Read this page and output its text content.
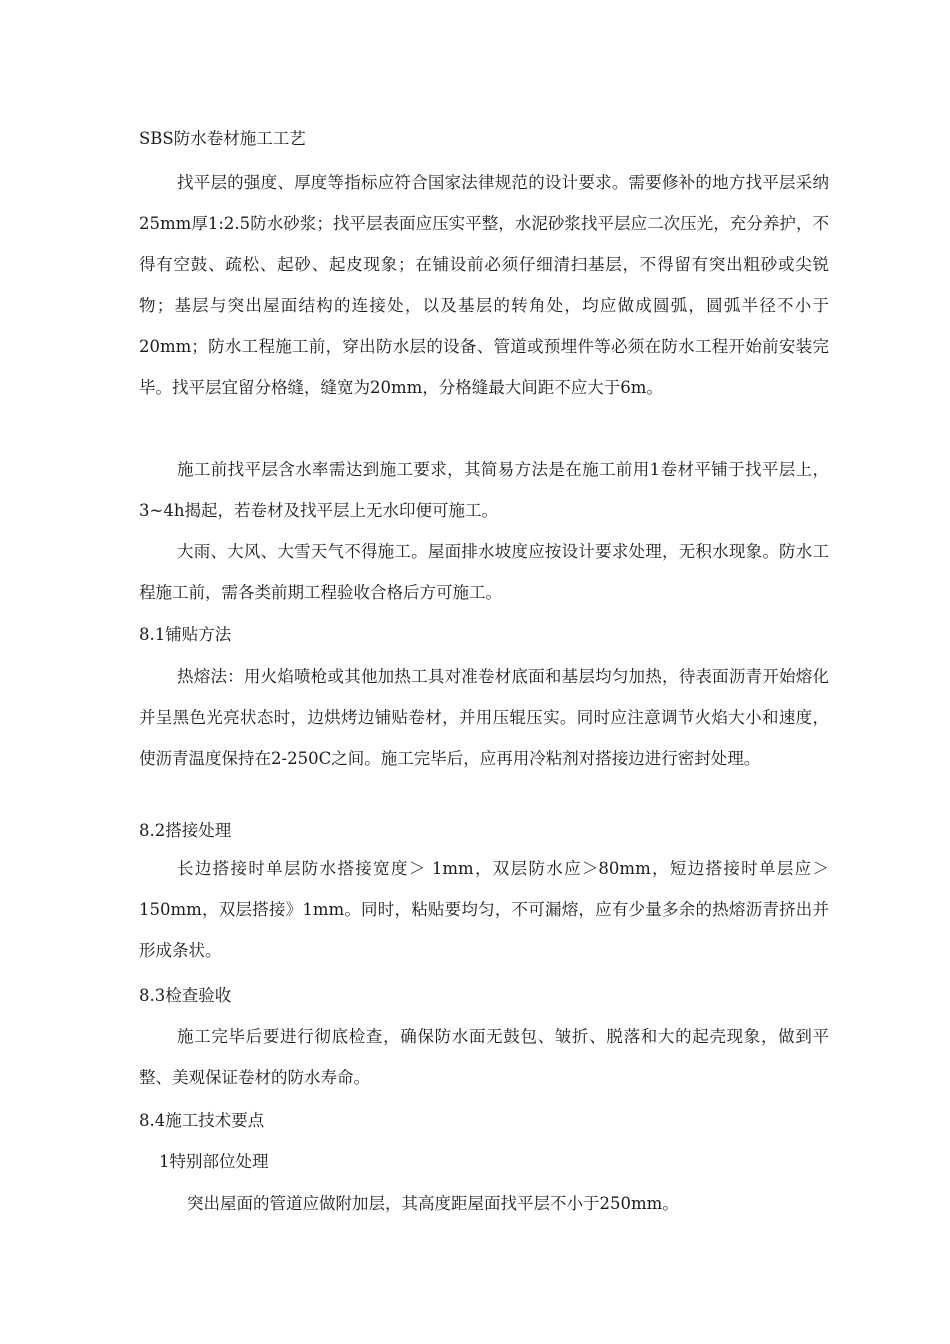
SBS防水卷材施工工艺
找平层的强度、厚度等指标应符合国家法律规范的设计要求。需要修补的地方找平层采纳25mm厚1:2.5防水砂浆；找平层表面应压实平整，水泥砂浆找平层应二次压光，充分养护，不得有空鼓、疏松、起砂、起皮现象；在铺设前必须仔细清扫基层，不得留有突出粗砂或尖锐物；基层与突出屋面结构的连接处，以及基层的转角处，均应做成圆弧，圆弧半径不小于20mm；防水工程施工前，穿出防水层的设备、管道或预埋件等必须在防水工程开始前安装完毕。找平层宜留分格缝，缝宽为20mm，分格缝最大间距不应大于6m。
施工前找平层含水率需达到施工要求，其简易方法是在施工前用1卷材平铺于找平层上，3~4h揭起，若卷材及找平层上无水印便可施工。
大雨、大风、大雪天气不得施工。屋面排水坡度应按设计要求处理，无积水现象。防水工程施工前，需各类前期工程验收合格后方可施工。
8.1铺贴方法
热熔法：用火焰喷枪或其他加热工具对准卷材底面和基层均匀加热，待表面沥青开始熔化并呈黑色光亮状态时，边烘烤边铺贴卷材，并用压辊压实。同时应注意调节火焰大小和速度，使沥青温度保持在2-250C之间。施工完毕后，应再用冷粘剂对搭接边进行密封处理。
8.2搭接处理
长边搭接时单层防水搭接宽度＞ 1mm，双层防水应＞80mm，短边搭接时单层应＞150mm，双层搭接》1mm。同时，粘贴要均匀，不可漏熔，应有少量多余的热熔沥青挤出并形成条状。
8.3检查验收
施工完毕后要进行彻底检查，确保防水面无鼓包、皱折、脱落和大的起壳现象，做到平整、美观保证卷材的防水寿命。
8.4施工技术要点
1特别部位处理
突出屋面的管道应做附加层，其高度距屋面找平层不小于250mm。
